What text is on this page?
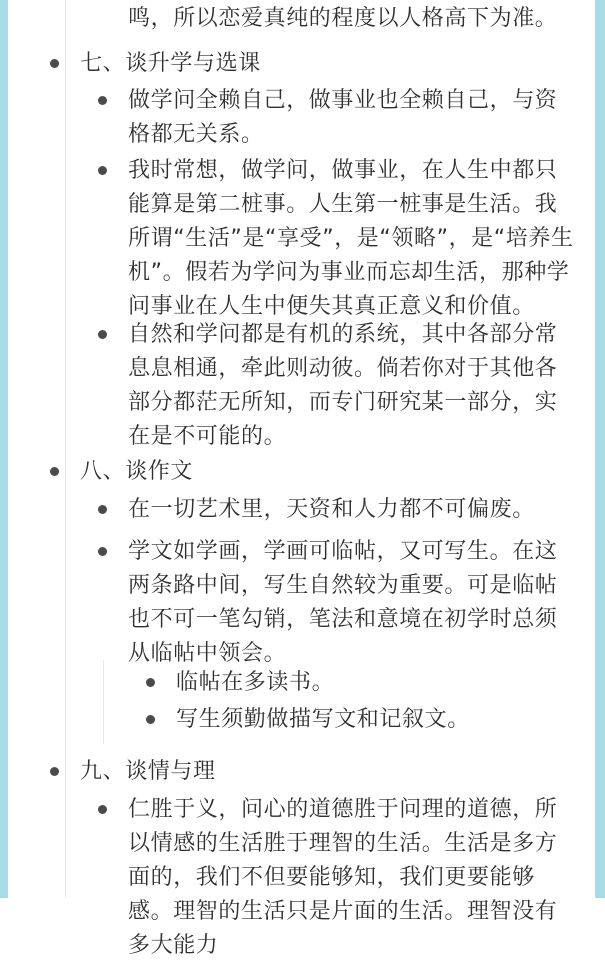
鸣，所以恋爱真纯的程度以人格高下为准。
七、谈升学与选课
做学问全赖自己，做事业也全赖自己，与资格都无关系。
我时常想，做学问，做事业，在人生中都只能算是第二桩事。人生第一桩事是生活。我所谓“生活”是“享受”，是“领略”，是“培养生机”。假若为学问为事业而忘却生活，那种学问事业在人生中便失其真正意义和价值。
自然和学问都是有机的系统，其中各部分常息息相通，牵此则动彼。倘若你对于其他各部分都茫无所知，而专门研究某一部分，实在是不可能的。
八、谈作文
在一切艺术里，天资和人力都不可偏废。
学文如学画，学画可临帖，又可写生。在这两条路中间，写生自然较为重要。可是临帖也不可一笔勾销，笔法和意境在初学时总须从临帖中领会。
临帖在多读书。
写生须勤做描写文和记叙文。
九、谈情与理
仁胜于义，问心的道德胜于问理的道德，所以情感的生活胜于理智的生活。生活是多方面的，我们不但要能够知，我们更要能够感。理智的生活只是片面的生活。理智没有多大能力
